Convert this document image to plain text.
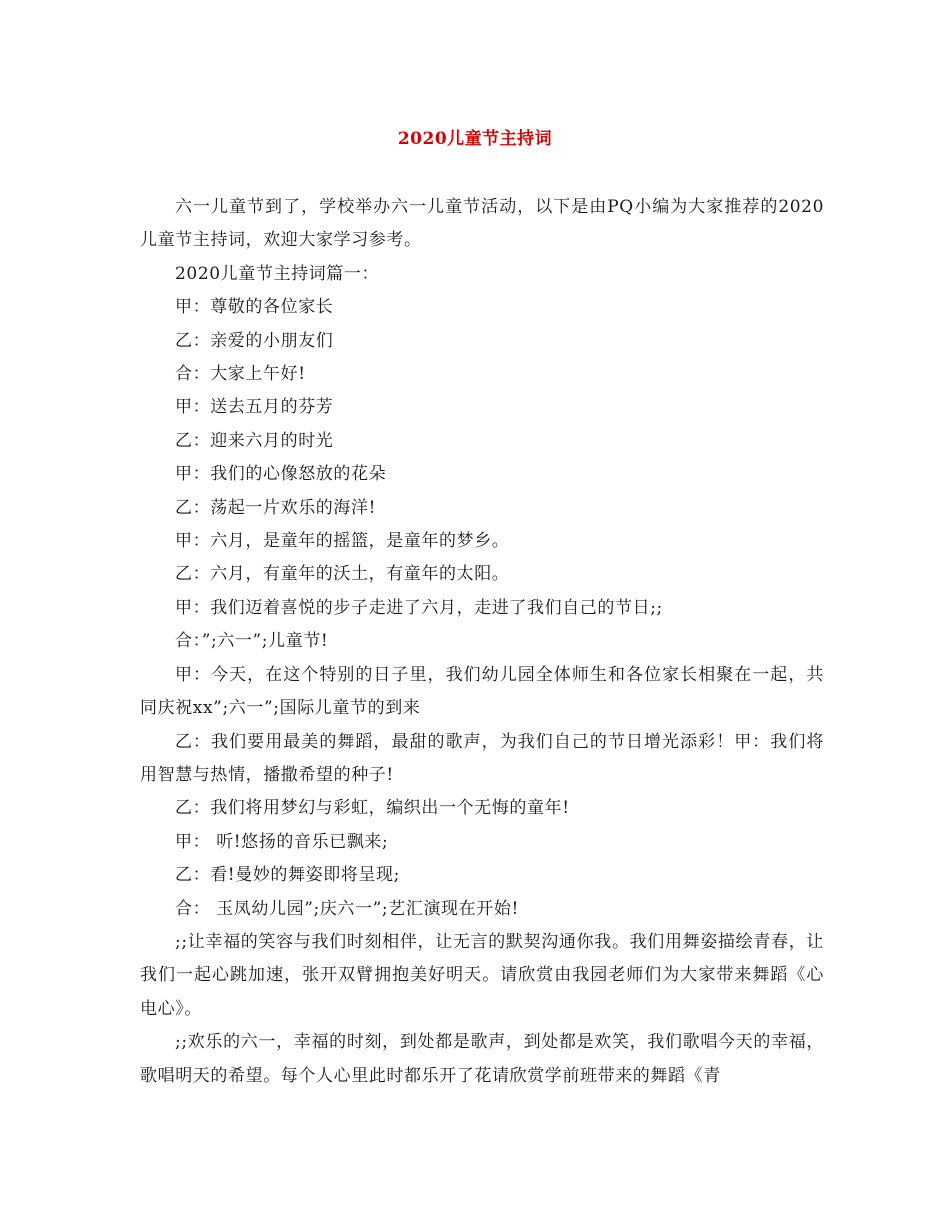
2020儿童节主持词

六一儿童节到了，学校举办六一儿童节活动，以下是由PQ小编为大家推荐的2020儿童节主持词，欢迎大家学习参考。

2020儿童节主持词篇一：

甲：尊敬的各位家长

乙：亲爱的小朋友们

合：大家上午好!

甲：送去五月的芬芳

乙：迎来六月的时光

甲：我们的心像怒放的花朵

乙：荡起一片欢乐的海洋!

甲：六月，是童年的摇篮，是童年的梦乡。

乙：六月，有童年的沃土，有童年的太阳。

甲：我们迈着喜悦的步子走进了六月，走进了我们自己的节日;;

合：”;六一”;儿童节!

甲：今天，在这个特别的日子里，我们幼儿园全体师生和各位家长相聚在一起，共同庆祝xx”;六一”;国际儿童节的到来

乙：我们要用最美的舞蹈，最甜的歌声，为我们自己的节日增光添彩！甲：我们将用智慧与热情，播撒希望的种子!

乙：我们将用梦幻与彩虹，编织出一个无悔的童年!

甲： 听!悠扬的音乐已飘来;

乙：看!曼妙的舞姿即将呈现;

合： 玉凤幼儿园”;庆六一”;艺汇演现在开始!

;;让幸福的笑容与我们时刻相伴，让无言的默契沟通你我。我们用舞姿描绘青春，让我们一起心跳加速，张开双臂拥抱美好明天。请欣赏由我园老师们为大家带来舞蹈《心电心》。

;;欢乐的六一，幸福的时刻，到处都是歌声，到处都是欢笑，我们歌唱今天的幸福，歌唱明天的希望。每个人心里此时都乐开了花请欣赏学前班带来的舞蹈《青
